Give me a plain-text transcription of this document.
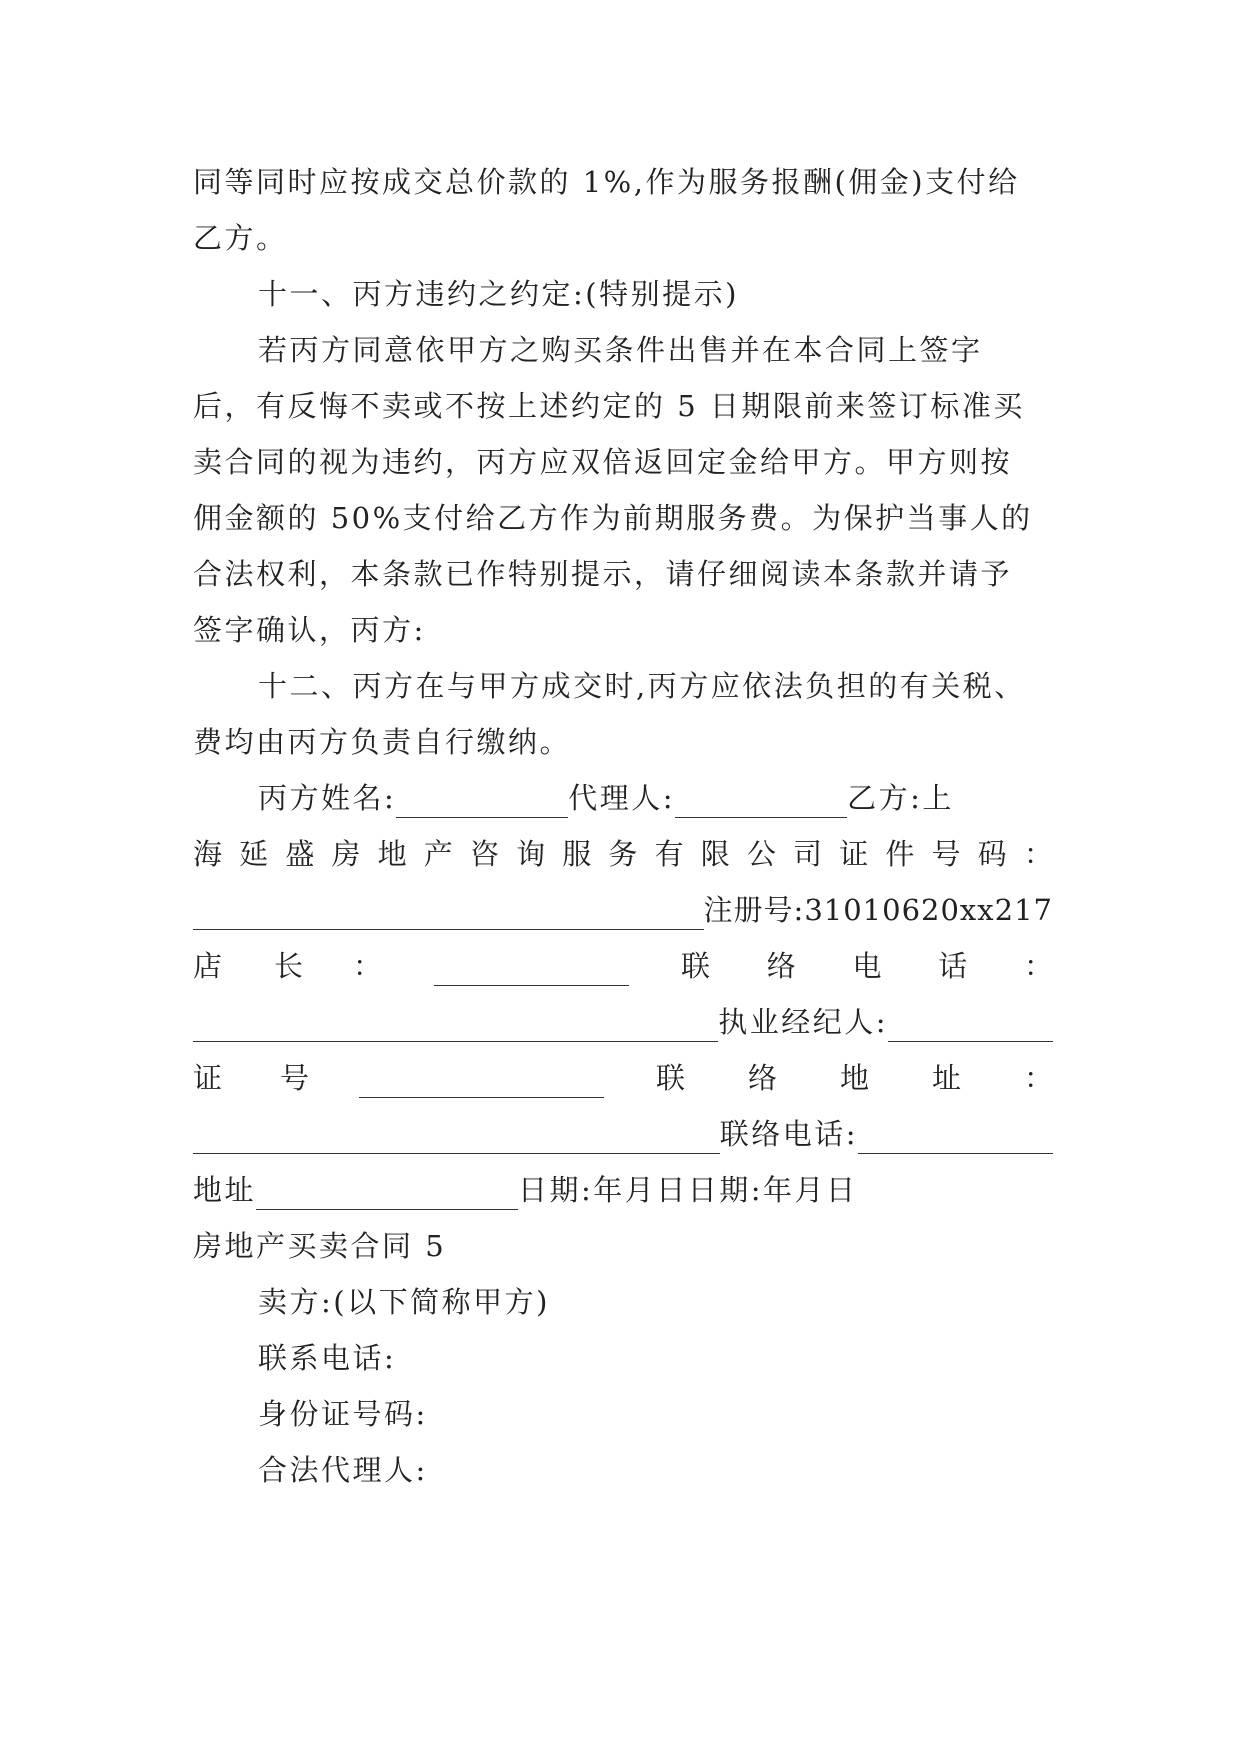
同等同时应按成交总价款的 1%,作为服务报酬(佣金)支付给
乙方。
十一、丙方违约之约定:(特别提示)
若丙方同意依甲方之购买条件出售并在本合同上签字
后，有反悔不卖或不按上述约定的 5 日期限前来签订标准买
卖合同的视为违约，丙方应双倍返回定金给甲方。甲方则按
佣金额的 50%支付给乙方作为前期服务费。为保护当事人的
合法权利，本条款已作特别提示，请仔细阅读本条款并请予
签字确认，丙方:
十二、丙方在与甲方成交时,丙方应依法负担的有关税、
费均由丙方负责自行缴纳。
丙方姓名:	代理人:	乙方:上
海 延 盛 房 地 产 咨 询 服 务 有 限 公 司 证 件 号 码 ：
注册号:31010620xx217
店 长 ：	联 络 电 话 ：
执业经纪人:
证 号	联 络 地 址 ：
联络电话:
地址	日期:年月日日期:年月日
房地产买卖合同 5
卖方:(以下简称甲方)
联系电话:
身份证号码:
合法代理人:
